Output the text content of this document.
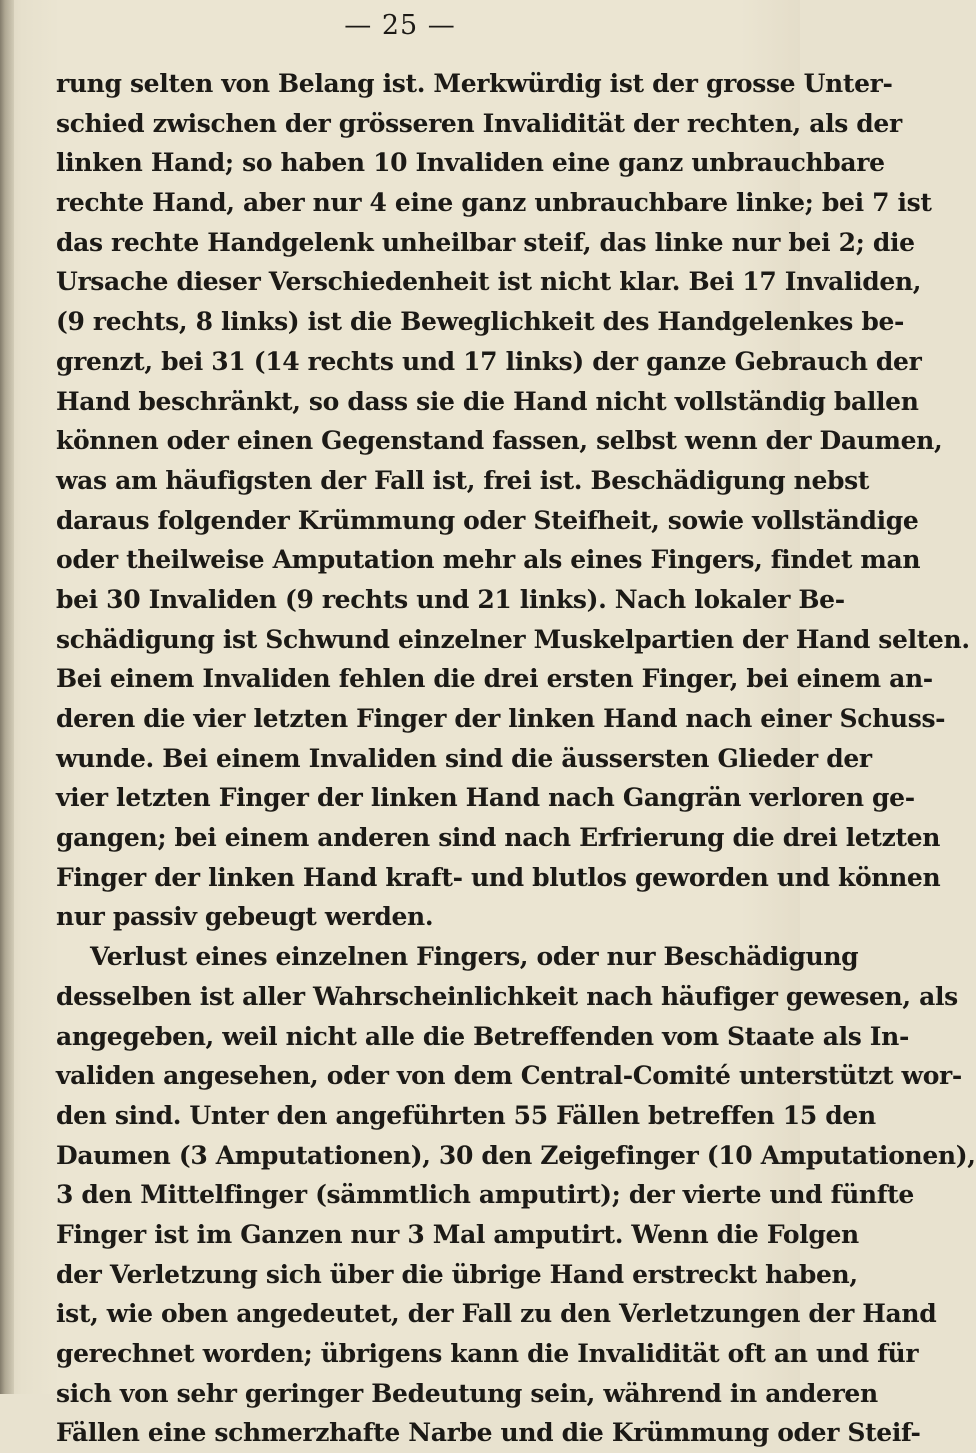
— 25 —
rung selten von Belang ist. Merkwürdig ist der grosse Unter-
schied zwischen der grösseren Invalidität der rechten, als der
linken Hand; so haben 10 Invaliden eine ganz unbrauchbare
rechte Hand, aber nur 4 eine ganz unbrauchbare linke; bei 7 ist
das rechte Handgelenk unheilbar steif, das linke nur bei 2; die
Ursache dieser Verschiedenheit ist nicht klar. Bei 17 Invaliden,
(9 rechts, 8 links) ist die Beweglichkeit des Handgelenkes be-
grenzt, bei 31 (14 rechts und 17 links) der ganze Gebrauch der
Hand beschränkt, so dass sie die Hand nicht vollständig ballen
können oder einen Gegenstand fassen, selbst wenn der Daumen,
was am häufigsten der Fall ist, frei ist. Beschädigung nebst
daraus folgender Krümmung oder Steifheit, sowie vollständige
oder theilweise Amputation mehr als eines Fingers, findet man
bei 30 Invaliden (9 rechts und 21 links). Nach lokaler Be-
schädigung ist Schwund einzelner Muskelpartien der Hand selten.
Bei einem Invaliden fehlen die drei ersten Finger, bei einem an-
deren die vier letzten Finger der linken Hand nach einer Schuss-
wunde. Bei einem Invaliden sind die äussersten Glieder der
vier letzten Finger der linken Hand nach Gangrän verloren ge-
gangen; bei einem anderen sind nach Erfrierung die drei letzten
Finger der linken Hand kraft- und blutlos geworden und können
nur passiv gebeugt werden.
Verlust eines einzelnen Fingers, oder nur Beschädigung
desselben ist aller Wahrscheinlichkeit nach häufiger gewesen, als
angegeben, weil nicht alle die Betreffenden vom Staate als In-
validen angesehen, oder von dem Central-Comité unterstützt wor-
den sind. Unter den angeführten 55 Fällen betreffen 15 den
Daumen (3 Amputationen), 30 den Zeigefinger (10 Amputationen),
3 den Mittelfinger (sämmtlich amputirt); der vierte und fünfte
Finger ist im Ganzen nur 3 Mal amputirt. Wenn die Folgen
der Verletzung sich über die übrige Hand erstreckt haben,
ist, wie oben angedeutet, der Fall zu den Verletzungen der Hand
gerechnet worden; übrigens kann die Invalidität oft an und für
sich von sehr geringer Bedeutung sein, während in anderen
Fällen eine schmerzhafte Narbe und die Krümmung oder Steif-
